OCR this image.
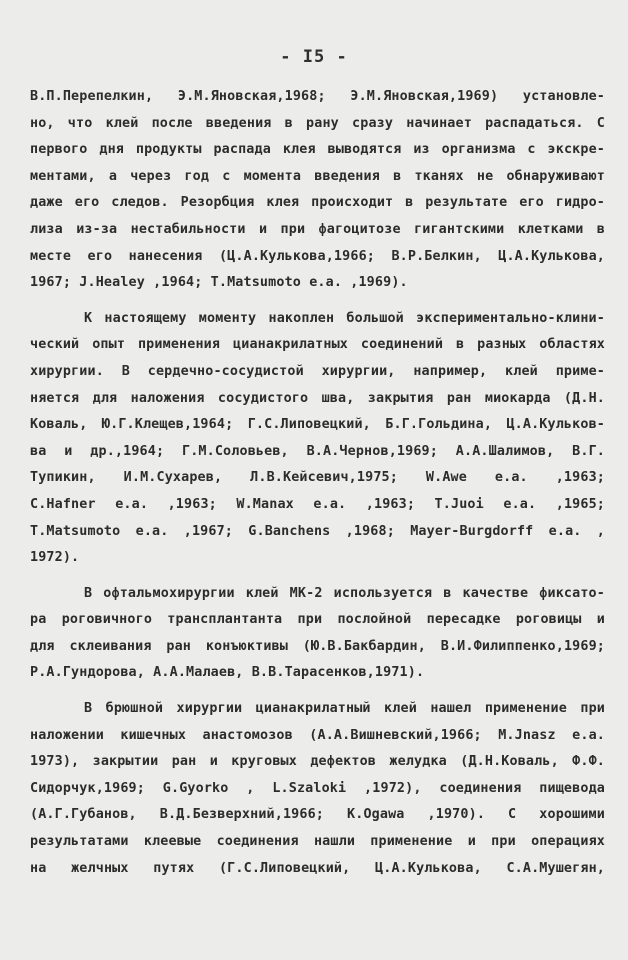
- I5 -
В.П.Перепелкин, Э.М.Яновская,1968; Э.М.Яновская,1969) установле-
но, что клей после введения в рану сразу начинает распадаться. С
первого дня продукты распада клея выводятся из организма с экскре-
ментами, а через год с момента введения в тканях не обнаруживают
даже его следов. Резорбция клея происходит в результате его гидро-
лиза из-за нестабильности и при фагоцитозе гигантскими клетками в
месте его нанесения (Ц.А.Кулькова,1966; В.Р.Белкин, Ц.А.Кулькова,
1967; J.Healey ,1964; T.Matsumoto e.a. ,1969).
К настоящему моменту накоплен большой экспериментально-клини-
ческий опыт применения цианакрилатных соединений в разных областях
хирургии. В сердечно-сосудистой хирургии, например, клей приме-
няется для наложения сосудистого шва, закрытия ран миокарда (Д.Н.
Коваль, Ю.Г.Клещев,1964; Г.С.Липовецкий, Б.Г.Гольдина, Ц.А.Кульков-
ва и др.,1964; Г.М.Соловьев, В.А.Чернов,1969; А.А.Шалимов, В.Г.
Тупикин, И.М.Сухарев, Л.В.Кейсевич,1975; W.Awe e.a. ,1963;
C.Hafner e.a. ,1963; W.Manax e.a. ,1963; T.Juoi e.a. ,1965;
T.Matsumoto e.a. ,1967; G.Banchens ,1968; Mayer-Burgdorff e.a. ,
1972).
В офтальмохирургии клей МК-2 используется в качестве фиксато-
ра роговичного трансплантанта при послойной пересадке роговицы и
для склеивания ран конъюктивы (Ю.В.Бакбардин, В.И.Филиппенко,1969;
Р.А.Гундорова, А.А.Малаев, В.В.Тарасенков,1971).
В брюшной хирургии цианакрилатный клей нашел применение при
наложении кишечных анастомозов (А.А.Вишневский,1966; M.Jnasz e.a.
1973), закрытии ран и круговых дефектов желудка (Д.Н.Коваль, Ф.Ф.
Сидорчук,1969; G.Gyorko , L.Szaloki ,1972), соединения пищевода
(А.Г.Губанов, В.Д.Безверхний,1966; K.Ogawa ,1970). С хорошими
результатами клеевые соединения нашли применение и при операциях
на желчных путях (Г.С.Липовецкий, Ц.А.Кулькова, С.А.Мушегян,
